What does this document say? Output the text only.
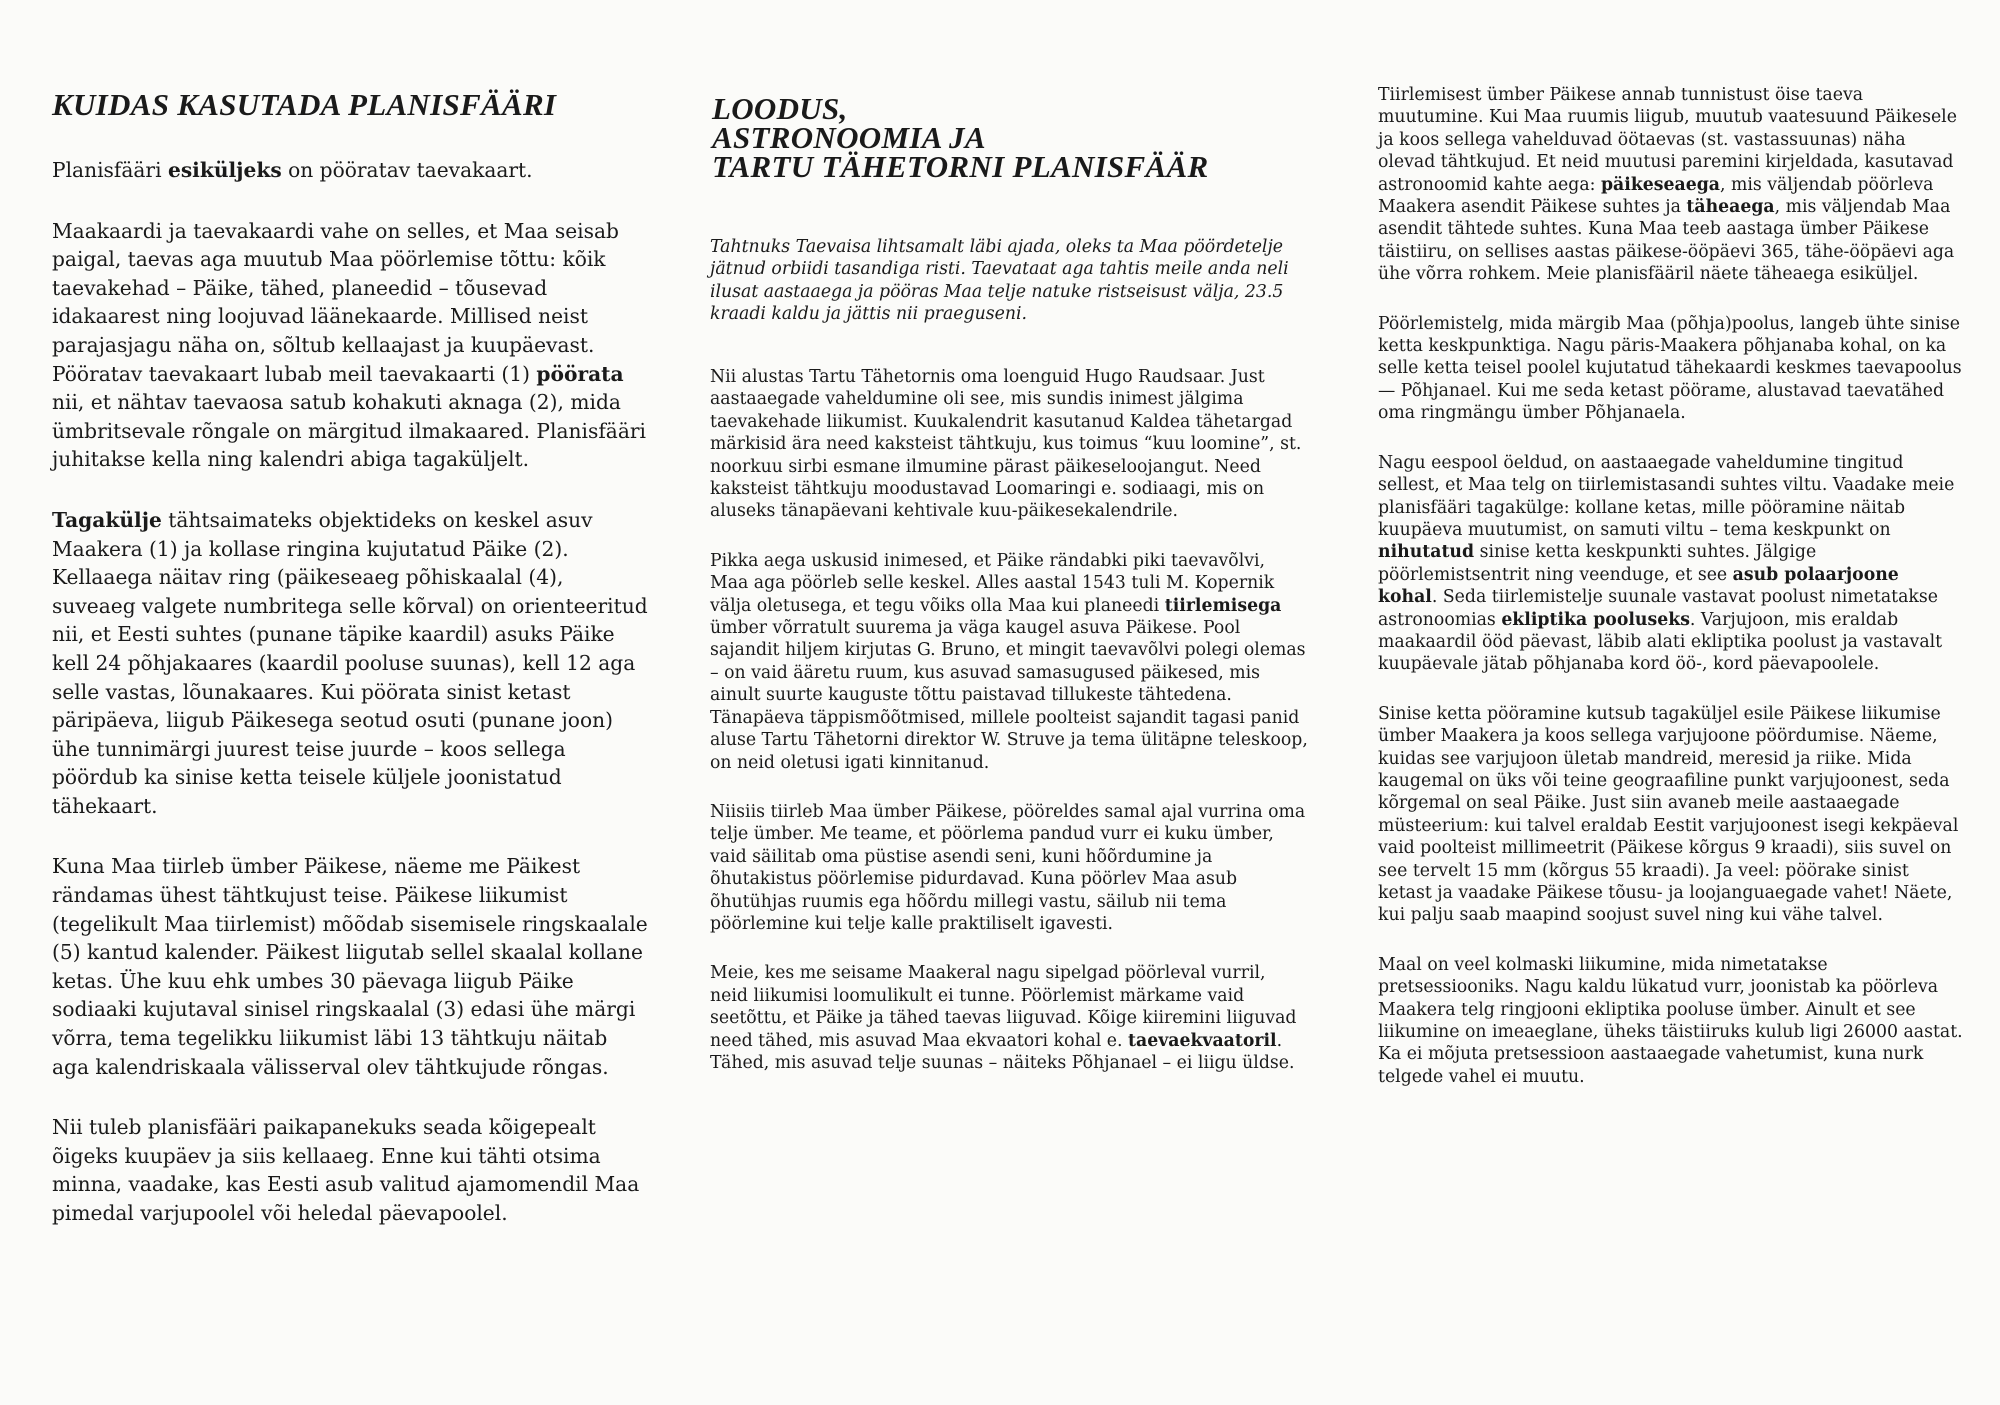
KUIDAS KASUTADA PLANISFÄÄRI

Planisfääri esiküljeks on pööratav taevakaart.

Maakaardi ja taevakaardi vahe on selles, et Maa seisab paigal, taevas aga muutub Maa pöörlemise tõttu: kõik taevakehad – Päike, tähed, planeedid – tõusevad idakaarest ning loojuvad läänekaarde. Millised neist parajasjagu näha on, sõltub kellaajast ja kuupäevast. Pööratav taevakaart lubab meil taevakaarti (1) pöörata nii, et nähtav taevaosa satub kohakuti aknaga (2), mida ümbritsevale rõngale on märgitud ilmakaared. Planisfääri juhitakse kella ning kalendri abiga tagaküljelt.

Tagakülje tähtsaimateks objektideks on keskel asuv Maakera (1) ja kollase ringina kujutatud Päike (2). Kellaaega näitav ring (päikeseaeg põhiskaalal (4), suveaeg valgete numbritega selle kõrval) on orienteeritud nii, et Eesti suhtes (punane täpike kaardil) asuks Päike kell 24 põhjakaares (kaardil pooluse suunas), kell 12 aga selle vastas, lõunakaares. Kui pöörata sinist ketast päripäeva, liigub Päikesega seotud osuti (punane joon) ühe tunnimärgi juurest teise juurde – koos sellega pöördub ka sinise ketta teisele küljele joonistatud tähekaart.

Kuna Maa tiirleb ümber Päikese, näeme me Päikest rändamas ühest tähtkujust teise. Päikese liikumist (tegelikult Maa tiirlemist) mõõdab sisemisele ringskaalale (5) kantud kalender. Päikest liigutab sellel skaalal kollane ketas. Ühe kuu ehk umbes 30 päevaga liigub Päike sodiaaki kujutaval sinisel ringskaalal (3) edasi ühe märgi võrra, tema tegelikku liikumist läbi 13 tähtkuju näitab aga kalendriskaala välisserval olev tähtkujude rõngas.

Nii tuleb planisfääri paikapanekuks seada kõigepealt õigeks kuupäev ja siis kellaaeg. Enne kui tähti otsima minna, vaadake, kas Eesti asub valitud ajamomendil Maa pimedal varjupoolel või heledal päevapoolel.

LOODUS,
ASTRONOOMIA JA
TARTU TÄHETORNI PLANISFÄÄR
Tahtnuks Taevaisa lihtsamalt läbi ajada, oleks ta Maa pöördetelje jätnud orbiidi tasandiga risti. Taevataat aga tahtis meile anda neli ilusat aastaaega ja pööras Maa telje natuke ristseisust välja, 23.5 kraadi kaldu ja jättis nii praeguseni.

Nii alustas Tartu Tähetornis oma loenguid Hugo Raudsaar. Just aastaaegade vaheldumine oli see, mis sundis inimest jälgima taevakehade liikumist. Kuukalendrit kasutanud Kaldea tähetargad märkisid ära need kaksteist tähtkuju, kus toimus “kuu loomine”, st. noorkuu sirbi esmane ilmumine pärast päikeseloojangut. Need kaksteist tähtkuju moodustavad Loomaringi e. sodiaagi, mis on aluseks tänapäevani kehtivale kuu-päikesekalendrile.

Pikka aega uskusid inimesed, et Päike rändabki piki taevavõlvi, Maa aga pöörleb selle keskel. Alles aastal 1543 tuli M. Kopernik välja oletusega, et tegu võiks olla Maa kui planeedi tiirlemisega ümber võrratult suurema ja väga kaugel asuva Päikese. Pool sajandit hiljem kirjutas G. Bruno, et mingit taevavõlvi polegi olemas – on vaid ääretu ruum, kus asuvad samasugused päikesed, mis ainult suurte kauguste tõttu paistavad tillukeste tähtedena. Tänapäeva täppismõõtmised, millele poolteist sajandit tagasi panid aluse Tartu Tähetorni direktor W. Struve ja tema ülitäpne teleskoop, on neid oletusi igati kinnitanud.

Niisiis tiirleb Maa ümber Päikese, pööreldes samal ajal vurrina oma telje ümber. Me teame, et pöörlema pandud vurr ei kuku ümber, vaid säilitab oma püstise asendi seni, kuni hõõrdumine ja õhutakistus pöörlemise pidurdavad. Kuna pöörlev Maa asub õhutühjas ruumis ega hõõrdu millegi vastu, säilub nii tema pöörlemine kui telje kalle praktiliselt igavesti.

Meie, kes me seisame Maakeral nagu sipelgad pöörleval vurril, neid liikumisi loomulikult ei tunne. Pöörlemist märkame vaid seetõttu, et Päike ja tähed taevas liiguvad. Kõige kiiremini liiguvad need tähed, mis asuvad Maa ekvaatori kohal e. taevaekvaatoril. Tähed, mis asuvad telje suunas – näiteks Põhjanael – ei liigu üldse.

Tiirlemisest ümber Päikese annab tunnistust öise taeva muutumine. Kui Maa ruumis liigub, muutub vaatesuund Päikesele ja koos sellega vahelduvad öötaevas (st. vastassuunas) näha olevad tähtkujud. Et neid muutusi paremini kirjeldada, kasutavad astronoomid kahte aega: päikeseaega, mis väljendab pöörleva Maakera asendit Päikese suhtes ja täheaega, mis väljendab Maa asendit tähtede suhtes. Kuna Maa teeb aastaga ümber Päikese täistiiru, on sellises aastas päikese-ööpäevi 365, tähe-ööpäevi aga ühe võrra rohkem. Meie planisfääril näete täheaega esiküljel.

Pöörlemistelg, mida märgib Maa (põhja)poolus, langeb ühte sinise ketta keskpunktiga. Nagu päris-Maakera põhjanaba kohal, on ka selle ketta teisel poolel kujutatud tähekaardi keskmes taevapoolus — Põhjanael. Kui me seda ketast pöörame, alustavad taevatähed oma ringmängu ümber Põhjanaela.

Nagu eespool öeldud, on aastaaegade vaheldumine tingitud sellest, et Maa telg on tiirlemistasandi suhtes viltu. Vaadake meie planisfääri tagakülge: kollane ketas, mille pööramine näitab kuupäeva muutumist, on samuti viltu – tema keskpunkt on nihutatud sinise ketta keskpunkti suhtes. Jälgige pöörlemistsentrit ning veenduge, et see asub polaarjoone kohal. Seda tiirlemistelje suunale vastavat poolust nimetatakse astronoomias ekliptika pooluseks. Varjujoon, mis eraldab maakaardil ööd päevast, läbib alati ekliptika poolust ja vastavalt kuupäevale jätab põhjanaba kord öö-, kord päevapoolele.

Sinise ketta pööramine kutsub tagaküljel esile Päikese liikumise ümber Maakera ja koos sellega varjujoone pöördumise. Näeme, kuidas see varjujoon ületab mandreid, meresid ja riike. Mida kaugemal on üks või teine geograafiline punkt varjujoonest, seda kõrgemal on seal Päike. Just siin avaneb meile aastaaegade müsteerium: kui talvel eraldab Eestit varjujoonest isegi kekpäeval vaid poolteist millimeetrit (Päikese kõrgus 9 kraadi), siis suvel on see tervelt 15 mm (kõrgus 55 kraadi). Ja veel: pöörake sinist ketast ja vaadake Päikese tõusu- ja loojanguaegade vahet! Näete, kui palju saab maapind soojust suvel ning kui vähe talvel.

Maal on veel kolmaski liikumine, mida nimetatakse pretsessiooniks. Nagu kaldu lükatud vurr, joonistab ka pöörleva Maakera telg ringjooni ekliptika pooluse ümber. Ainult et see liikumine on imeaeglane, üheks täistiiruks kulub ligi 26000 aastat. Ka ei mõjuta pretsessioon aastaaegade vahetumist, kuna nurk telgede vahel ei muutu.
